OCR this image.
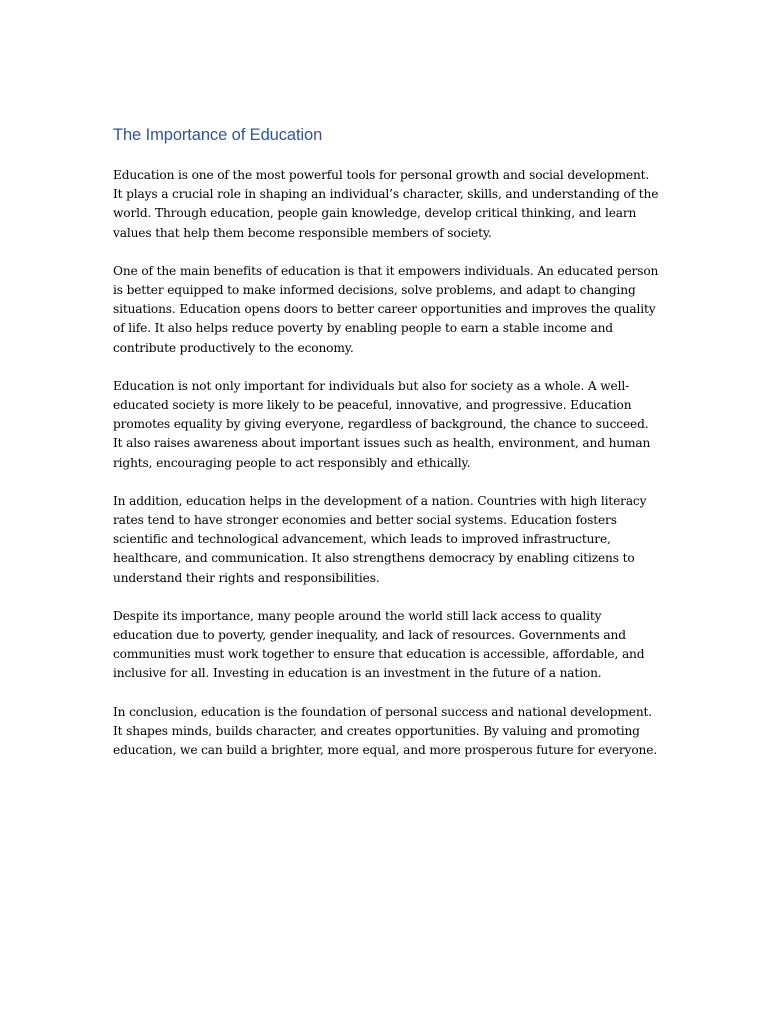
The Importance of Education

Education is one of the most powerful tools for personal growth and social development. It plays a crucial role in shaping an individual’s character, skills, and understanding of the world. Through education, people gain knowledge, develop critical thinking, and learn values that help them become responsible members of society.

One of the main benefits of education is that it empowers individuals. An educated person is better equipped to make informed decisions, solve problems, and adapt to changing situations. Education opens doors to better career opportunities and improves the quality of life. It also helps reduce poverty by enabling people to earn a stable income and contribute productively to the economy.

Education is not only important for individuals but also for society as a whole. A well-educated society is more likely to be peaceful, innovative, and progressive. Education promotes equality by giving everyone, regardless of background, the chance to succeed. It also raises awareness about important issues such as health, environment, and human rights, encouraging people to act responsibly and ethically.

In addition, education helps in the development of a nation. Countries with high literacy rates tend to have stronger economies and better social systems. Education fosters scientific and technological advancement, which leads to improved infrastructure, healthcare, and communication. It also strengthens democracy by enabling citizens to understand their rights and responsibilities.

Despite its importance, many people around the world still lack access to quality education due to poverty, gender inequality, and lack of resources. Governments and communities must work together to ensure that education is accessible, affordable, and inclusive for all. Investing in education is an investment in the future of a nation.

In conclusion, education is the foundation of personal success and national development. It shapes minds, builds character, and creates opportunities. By valuing and promoting education, we can build a brighter, more equal, and more prosperous future for everyone.
